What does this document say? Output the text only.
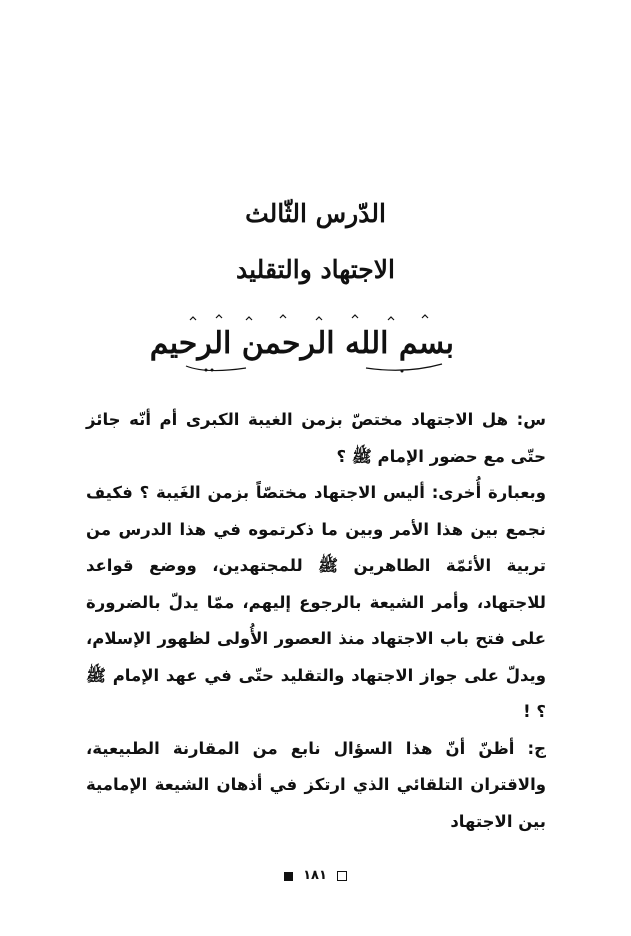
الدّرس الثّالث
الاجتهاد والتقليد
بسم الله الرحمن الرحيم

س: هل الاجتهاد مختصّ بزمن الغيبة الكبرى أم أنّه جائز حتّى مع حضور الإمام ﷺ ؟

وبعبارة أُخرى: أليس الاجتهاد مختصّاً بزمن الغَيبة ؟ فكيف نجمع بين هذا الأمر وبين ما ذكرتموه في هذا الدرس من تربية الأئمّة الطاهرين ﷺ للمجتهدين، ووضع قواعد للاجتهاد، وأمر الشيعة بالرجوع إليهم، ممّا يدلّ بالضرورة على فتح باب الاجتهاد منذ العصور الأُولى لظهور الإسلام، ويدلّ على جواز الاجتهاد والتقليد حتّى في عهد الإمام ﷺ ؟ !

ج: أظنّ أنّ هذا السؤال نابع من المقارنة الطبيعية، والاقتران التلقائي الذي ارتكز في أذهان الشيعة الإمامية بين الاجتهاد

١٨١
